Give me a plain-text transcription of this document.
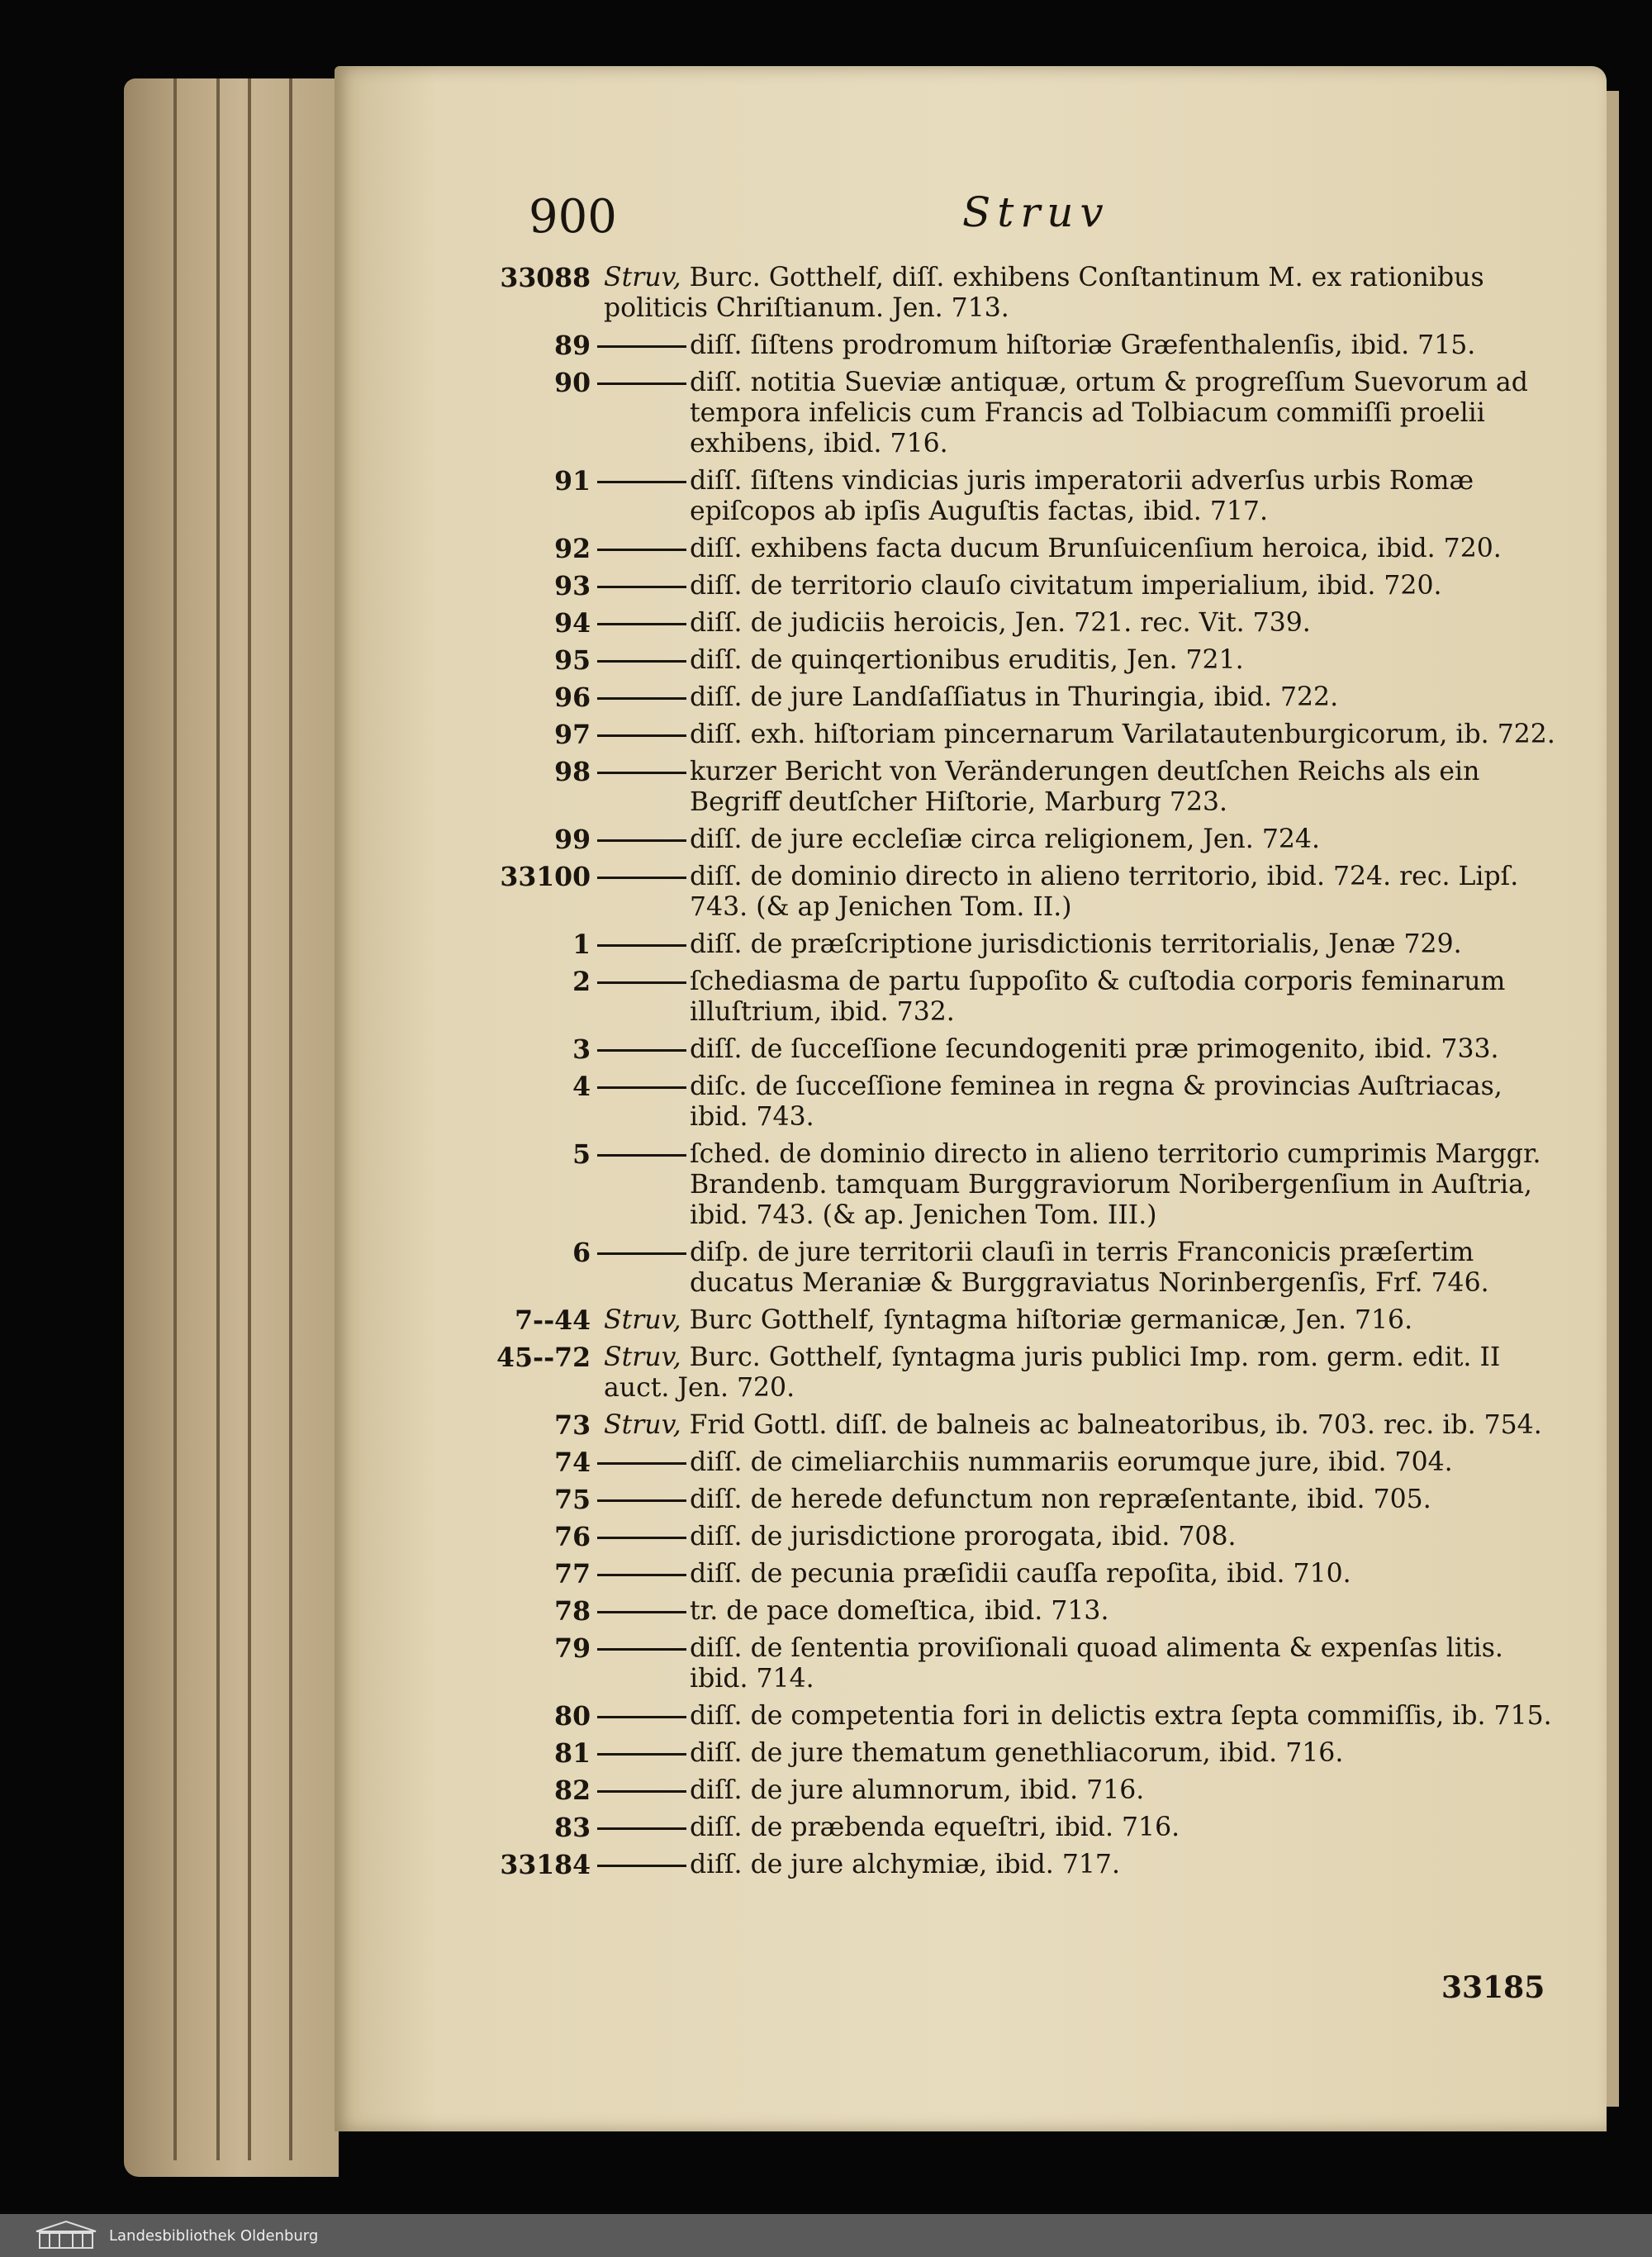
900	Struv
33088 Struv, Burc. Gotthelf, diſſ. exhibens Conſtantinum M. ex rationibus politicis Chriſtianum. Jen. 713.
89	diſſ. ſiſtens prodromum hiſtoriæ Græfenthalenſis, ibid. 715.
90	diſſ. notitia Sueviæ antiquæ, ortum & progreſſum Suevorum ad tempora infelicis cum Francis ad Tolbiacum commiſſi proelii exhibens, ibid. 716.
91	diſſ. ſiſtens vindicias juris imperatorii adverſus urbis Romæ epiſcopos ab ipſis Auguſtis factas, ibid. 717.
92	diſſ. exhibens facta ducum Brunſuicenſium heroica, ibid. 720.
93	diſſ. de territorio clauſo civitatum imperialium, ibid. 720.
94	diſſ. de judiciis heroicis, Jen. 721. rec. Vit. 739.
95	diſſ. de quinqertionibus eruditis, Jen. 721.
96	diſſ. de jure Landſaſſiatus in Thuringia, ibid. 722.
97	diſſ. exh. hiſtoriam pincernarum Varilatautenburgicorum, ib. 722.
98	kurzer Bericht von Veränderungen deutſchen Reichs als ein Begriff deutſcher Hiſtorie, Marburg 723.
99	diſſ. de jure eccleſiæ circa religionem, Jen. 724.
33100	diſſ. de dominio directo in alieno territorio, ibid. 724. rec. Lipſ. 743. (& ap Jenichen Tom. II.)
1	diſſ. de præſcriptione jurisdictionis territorialis, Jenæ 729.
2	ſchediasma de partu ſuppoſito & cuſtodia corporis feminarum illuſtrium, ibid. 732.
3	diſſ. de ſucceſſione ſecundogeniti præ primogenito, ibid. 733.
4	diſc. de ſucceſſione feminea in regna & provincias Auſtriacas, ibid. 743.
5	ſched. de dominio directo in alieno territorio cumprimis Marggr. Brandenb. tamquam Burggraviorum Noribergenſium in Auſtria, ibid. 743. (& ap. Jenichen Tom. III.)
6	diſp. de jure territorii clauſi in terris Franconicis præſertim ducatus Meraniæ & Burggraviatus Norinbergenſis, Frf. 746.
7--44 Struv, Burc Gotthelf, ſyntagma hiſtoriæ germanicæ, Jen. 716.
45--72 Struv, Burc. Gotthelf, ſyntagma juris publici Imp. rom. germ. edit. II auct. Jen. 720.
73 Struv, Frid Gottl. diſſ. de balneis ac balneatoribus, ib. 703. rec. ib. 754.
74	diſſ. de cimeliarchiis nummariis eorumque jure, ibid. 704.
75	diſſ. de herede defunctum non repræſentante, ibid. 705.
76	diſſ. de jurisdictione prorogata, ibid. 708.
77	diſſ. de pecunia præſidii cauſſa repoſita, ibid. 710.
78	tr. de pace domeſtica, ibid. 713.
79	diſſ. de ſententia proviſionali quoad alimenta & expenſas litis. ibid. 714.
80	diſſ. de competentia fori in delictis extra ſepta commiſſis, ib. 715.
81	diſſ. de jure thematum genethliacorum, ibid. 716.
82	diſſ. de jure alumnorum, ibid. 716.
83	diſſ. de præbenda equeſtri, ibid. 716.
33184	diſſ. de jure alchymiæ, ibid. 717.
33185
Landesbibliothek Oldenburg
